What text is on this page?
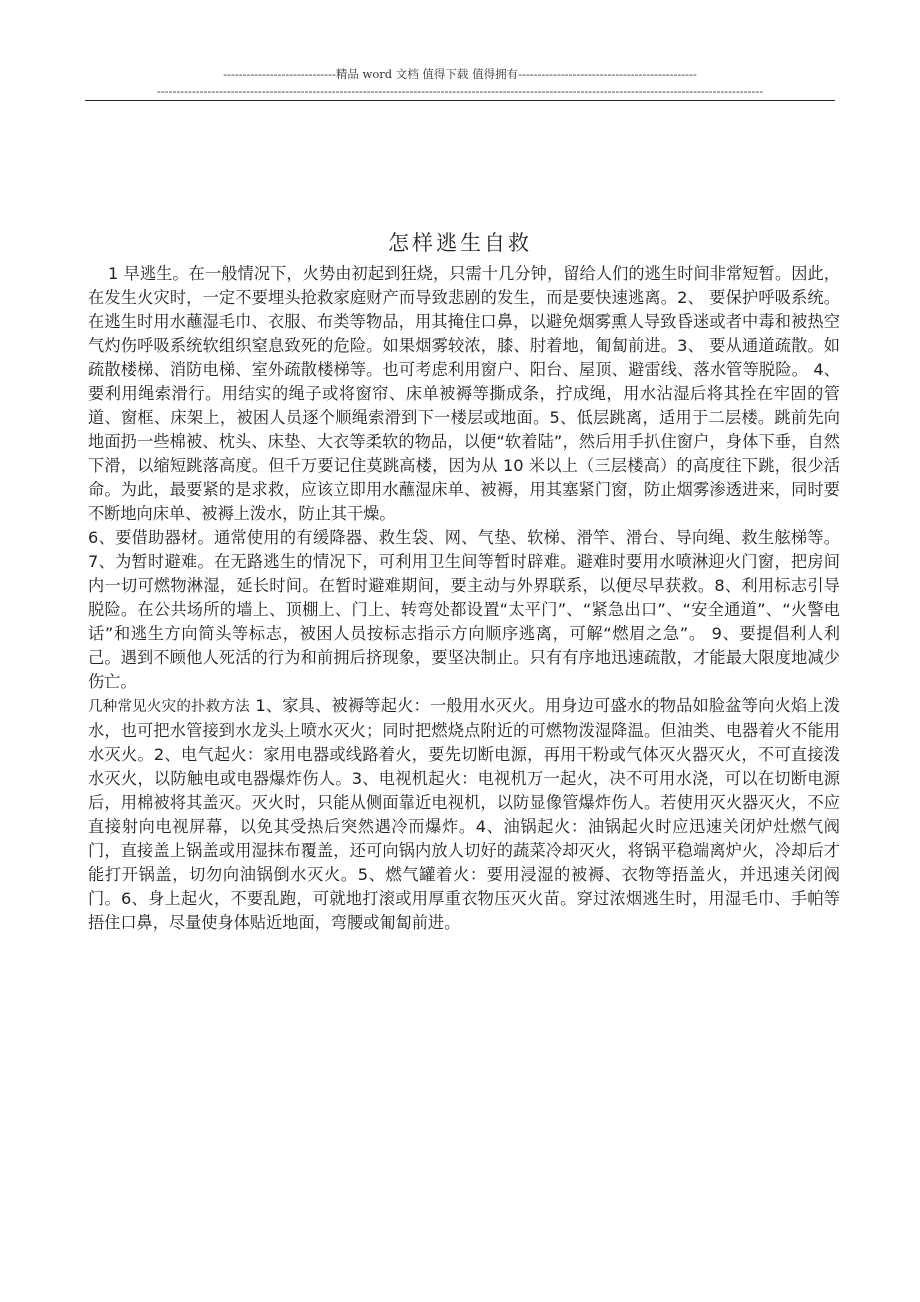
-----------------------------精品 word 文档 值得下载 值得拥有----------------------------------------------
------------------------------------------------------------------------------------------------------------------------------------------------------------
怎样逃生自救

1 早逃生。在一般情况下，火势由初起到狂烧，只需十几分钟，留给人们的逃生时间非常短暂。因此，在发生火灾时，一定不要埋头抢救家庭财产而导致悲剧的发生，而是要快速逃离。2、 要保护呼吸系统。 在逃生时用水蘸湿毛巾、衣服、布类等物品，用其掩住口鼻，以避免烟雾熏人导致昏迷或者中毒和被热空气灼伤呼吸系统软组织窒息致死的危险。如果烟雾较浓，膝、肘着地，匍匐前进。3、 要从通道疏散。如疏散楼梯、消防电梯、室外疏散楼梯等。也可考虑利用窗户、阳台、屋顶、避雷线、落水管等脱险。 4、要利用绳索滑行。用结实的绳子或将窗帘、床单被褥等撕成条，拧成绳，用水沾湿后将其拴在牢固的管道、窗框、床架上，被困人员逐个顺绳索滑到下一楼层或地面。5、低层跳离，适用于二层楼。跳前先向地面扔一些棉被、枕头、床垫、大衣等柔软的物品，以便“软着陆”，然后用手扒住窗户，身体下垂，自然下滑，以缩短跳落高度。但千万要记住莫跳高楼，因为从 10 米以上（三层楼高）的高度往下跳，很少活命。为此，最要紧的是求救，应该立即用水蘸湿床单、被褥，用其塞紧门窗，防止烟雾渗透进来，同时要不断地向床单、被褥上泼水，防止其干燥。

6、要借助器材。通常使用的有缓降器、救生袋、网、气垫、软梯、滑竿、滑台、导向绳、救生舷梯等。 7、为暂时避难。在无路逃生的情况下，可利用卫生间等暂时辟难。避难时要用水喷淋迎火门窗，把房间内一切可燃物淋湿，延长时间。在暂时避难期间，要主动与外界联系，以便尽早获救。8、利用标志引导脱险。在公共场所的墙上、顶棚上、门上、转弯处都设置“太平门”、“紧急出口”、“安全通道”、“火警电话”和逃生方向简头等标志，被困人员按标志指示方向顺序逃离，可解“燃眉之急”。 9、要提倡利人利己。遇到不顾他人死活的行为和前拥后挤现象，要坚决制止。只有有序地迅速疏散，才能最大限度地减少伤亡。

几种常见火灾的扑救方法 1、家具、被褥等起火：一般用水灭火。用身边可盛水的物品如脸盆等向火焰上泼水，也可把水管接到水龙头上喷水灭火；同时把燃烧点附近的可燃物泼湿降温。但油类、电器着火不能用水灭火。2、电气起火：家用电器或线路着火，要先切断电源，再用干粉或气体灭火器灭火，不可直接泼水灭火，以防触电或电器爆炸伤人。3、电视机起火：电视机万一起火，决不可用水浇，可以在切断电源后，用棉被将其盖灭。灭火时，只能从侧面靠近电视机，以防显像管爆炸伤人。若使用灭火器灭火，不应直接射向电视屏幕，以免其受热后突然遇冷而爆炸。4、油锅起火：油锅起火时应迅速关闭炉灶燃气阀门，直接盖上锅盖或用湿抹布覆盖，还可向锅内放人切好的蔬菜冷却灭火，将锅平稳端离炉火，冷却后才能打开锅盖，切勿向油锅倒水灭火。5、燃气罐着火：要用浸湿的被褥、衣物等捂盖火，并迅速关闭阀门。6、身上起火，不要乱跑，可就地打滚或用厚重衣物压灭火苗。穿过浓烟逃生时，用湿毛巾、手帕等捂住口鼻，尽量使身体贴近地面，弯腰或匍匐前进。
